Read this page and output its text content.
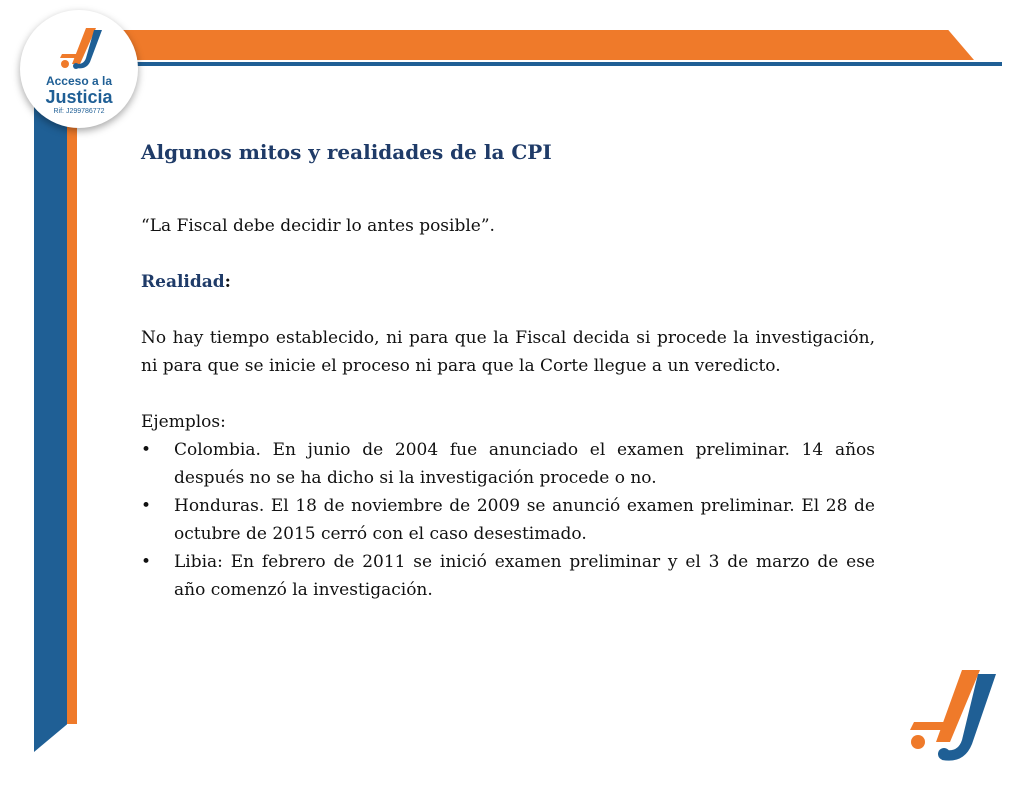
Acceso a la
Justicia
Rif: J299786772
Algunos mitos y realidades de la CPI

“La Fiscal debe decidir lo antes posible”.

Realidad:

No hay tiempo establecido, ni para que la Fiscal decida si procede la investigación, ni para que se inicie el proceso ni para que la Corte llegue a un veredicto.

Ejemplos:

• Colombia. En junio de 2004 fue anunciado el examen preliminar. 14 años después no se ha dicho si la investigación procede o no.
• Honduras. El 18 de noviembre de 2009 se anunció examen preliminar. El 28 de octubre de 2015 cerró con el caso desestimado.
• Libia: En febrero de 2011 se inició examen preliminar y el 3 de marzo de ese año comenzó la investigación.
